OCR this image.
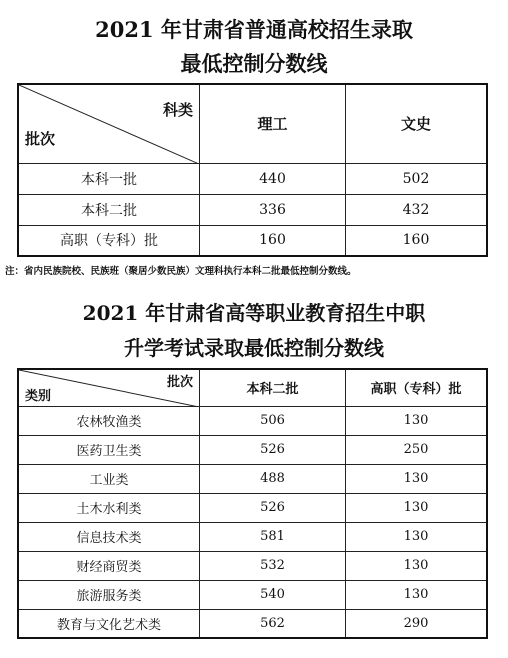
2021 年甘肃省普通高校招生录取
最低控制分数线
科类
批次	理工	文史
本科一批	440	502
本科二批	336	432
高职（专科）批	160	160
注：省内民族院校、民族班（聚居少数民族）文理科执行本科二批最低控制分数线。
2021 年甘肃省高等职业教育招生中职
升学考试录取最低控制分数线
批次
类别	本科二批	高职（专科）批
农林牧渔类	506	130
医药卫生类	526	250
工业类	488	130
土木水利类	526	130
信息技术类	581	130
财经商贸类	532	130
旅游服务类	540	130
教育与文化艺术类	562	290
